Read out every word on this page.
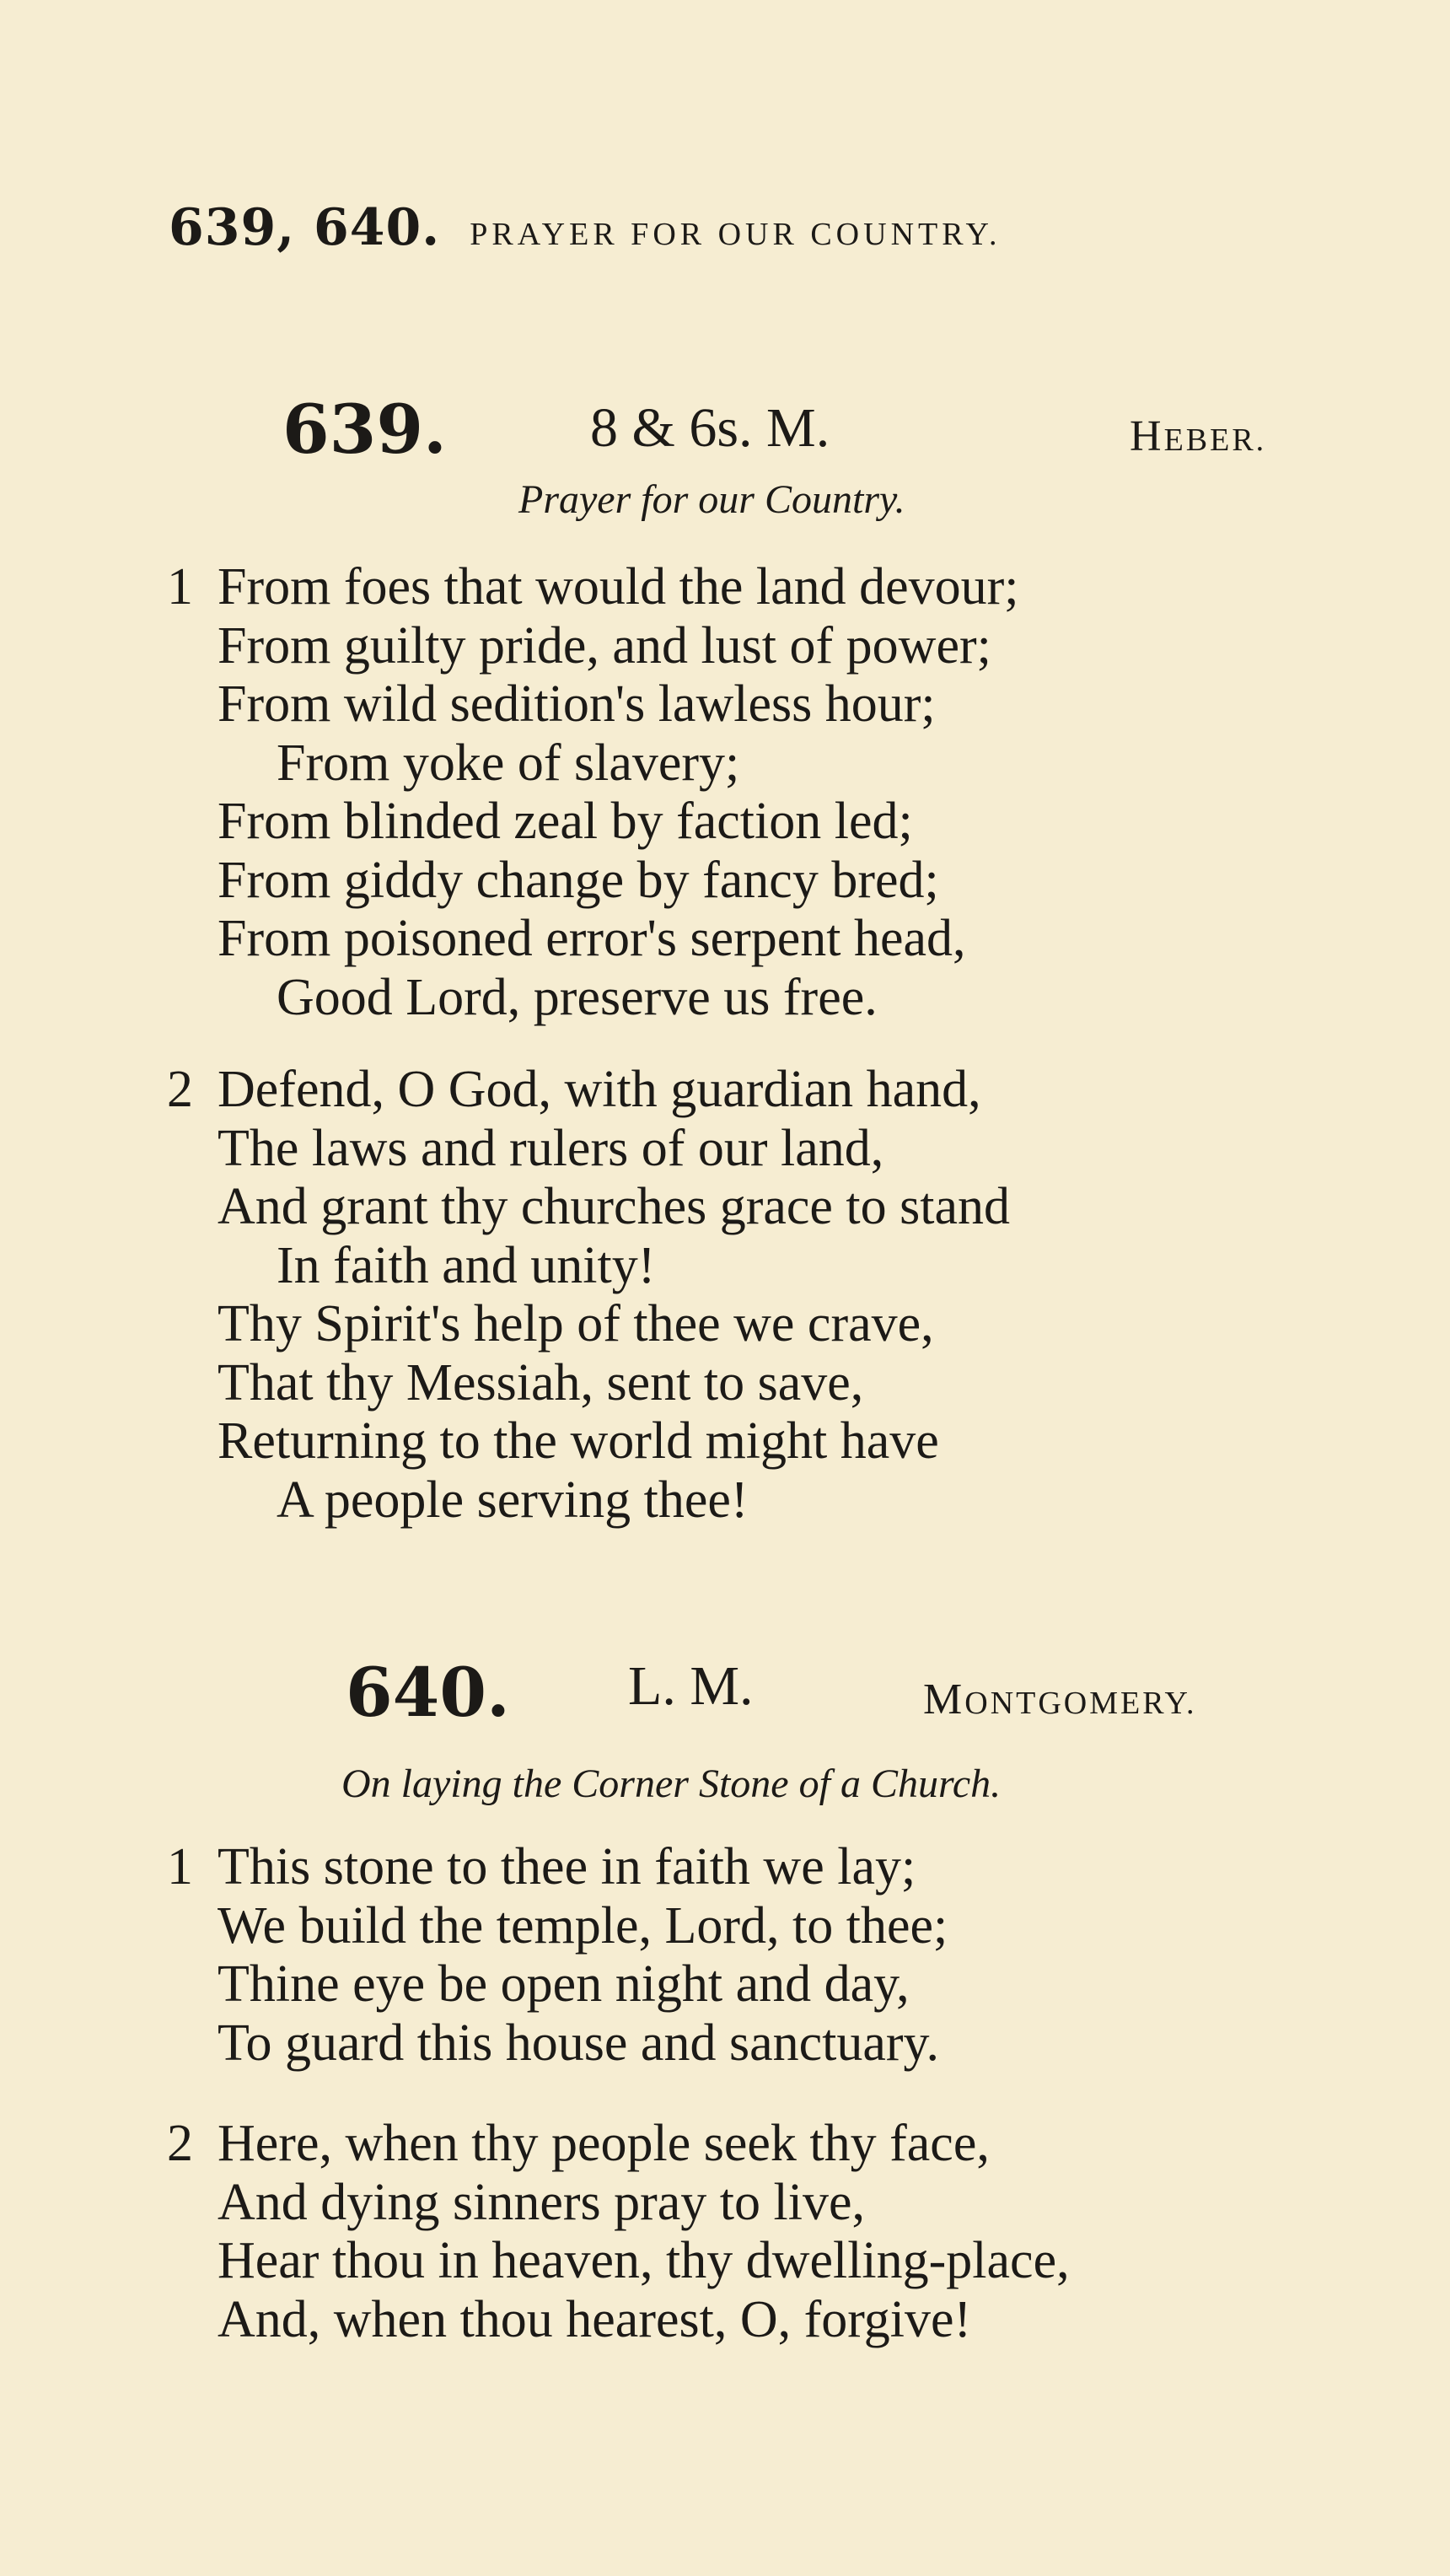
639, 640. PRAYER FOR OUR COUNTRY.
639.	8 & 6s. M.	HEBER.
Prayer for our Country.
1 From foes that would the land devour;
From guilty pride, and lust of power;
From wild sedition's lawless hour;
From yoke of slavery;
From blinded zeal by faction led;
From giddy change by fancy bred;
From poisoned error's serpent head,
Good Lord, preserve us free.
2 Defend, O God, with guardian hand,
The laws and rulers of our land,
And grant thy churches grace to stand
In faith and unity!
Thy Spirit's help of thee we crave,
That thy Messiah, sent to save,
Returning to the world might have
A people serving thee!
640. L. M.	MONTGOMERY.
On laying the Corner Stone of a Church.
1 This stone to thee in faith we lay;
We build the temple, Lord, to thee;
Thine eye be open night and day,
To guard this house and sanctuary.
2 Here, when thy people seek thy face,
And dying sinners pray to live,
Hear thou in heaven, thy dwelling-place,
And, when thou hearest, O, forgive!
